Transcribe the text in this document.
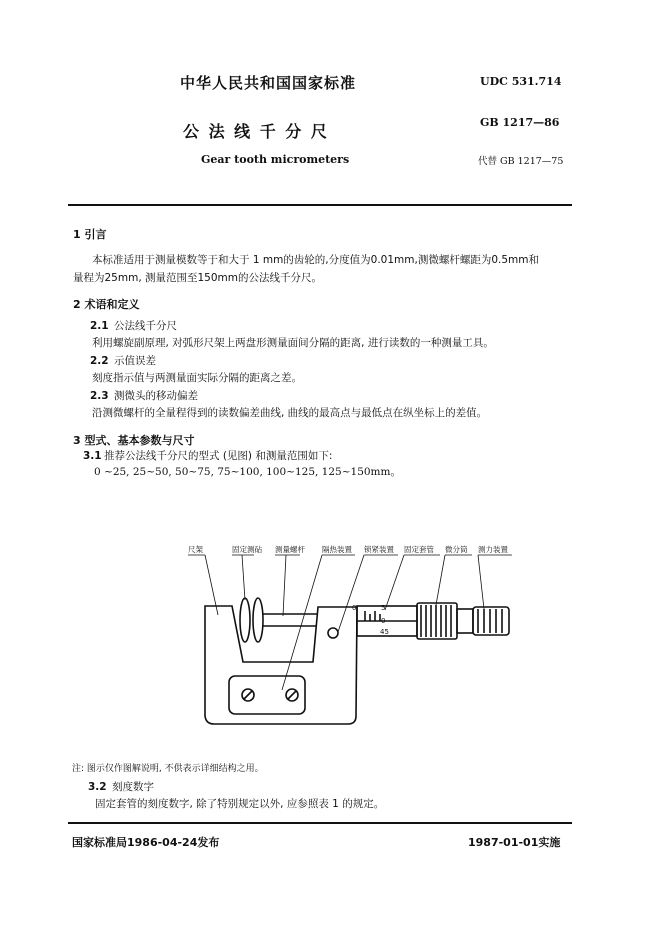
中华人民共和国国家标准	UDC 531.714
公 法 线 千 分 尺	GB 1217—86
Gear tooth micrometers	代替 GB 1217—75
1 引言
本标准适用于测量模数等于和大于 1 mm的齿轮的,分度值为0.01mm,测微螺杆螺距为0.5mm和
量程为25mm, 测量范围至150mm的公法线千分尺。
2 术语和定义
2.1 公法线千分尺
利用螺旋副原理, 对弧形尺架上两盘形测量面间分隔的距离, 进行读数的一种测量工具。
2.2 示值误差
刻度指示值与两测量面实际分隔的距离之差。
2.3 测微头的移动偏差
沿测微螺杆的全量程得到的读数偏差曲线, 曲线的最高点与最低点在纵坐标上的差值。
3 型式、基本参数与尺寸
3.1 推荐公法线千分尺的型式 (见图) 和测量范围如下:
0 ~25, 25~50, 50~75, 75~100, 100~125, 125~150mm。
尺架	固定测砧 测量螺杆 隔热装置 锁紧装置 固定套管 微分筒 测力装置
0	5
0
45
注: 图示仅作图解说明, 不供表示详细结构之用。
3.2 刻度数字
固定套管的刻度数字, 除了特别规定以外, 应参照表 1 的规定。
国家标准局1986-04-24发布	1987-01-01实施
